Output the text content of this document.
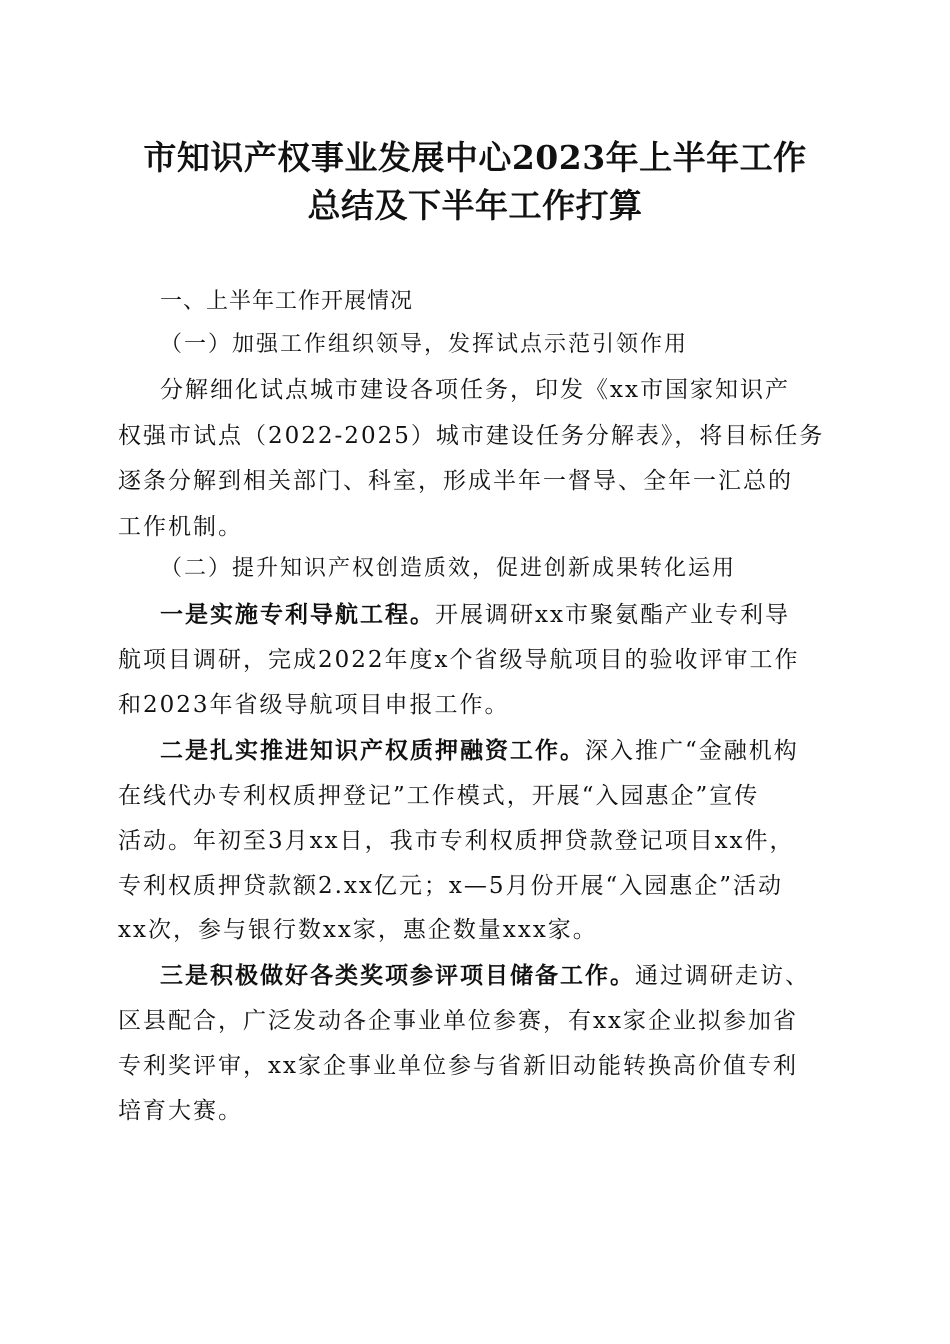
市知识产权事业发展中心2023年上半年工作
总结及下半年工作打算
一、上半年工作开展情况
（一）加强工作组织领导，发挥试点示范引领作用
分解细化试点城市建设各项任务，印发《xx市国家知识产
权强市试点（2022-2025）城市建设任务分解表》，将目标任务
逐条分解到相关部门、科室，形成半年一督导、全年一汇总的
工作机制。
（二）提升知识产权创造质效，促进创新成果转化运用
一是实施专利导航工程。开展调研xx市聚氨酯产业专利导
航项目调研，完成2022年度x个省级导航项目的验收评审工作
和2023年省级导航项目申报工作。
二是扎实推进知识产权质押融资工作。深入推广“金融机构
在线代办专利权质押登记”工作模式，开展“入园惠企”宣传
活动。年初至3月xx日，我市专利权质押贷款登记项目xx件，
专利权质押贷款额2.xx亿元；x—5月份开展“入园惠企”活动
xx次，参与银行数xx家，惠企数量xxx家。
三是积极做好各类奖项参评项目储备工作。通过调研走访、
区县配合，广泛发动各企事业单位参赛，有xx家企业拟参加省
专利奖评审，xx家企事业单位参与省新旧动能转换高价值专利
培育大赛。
